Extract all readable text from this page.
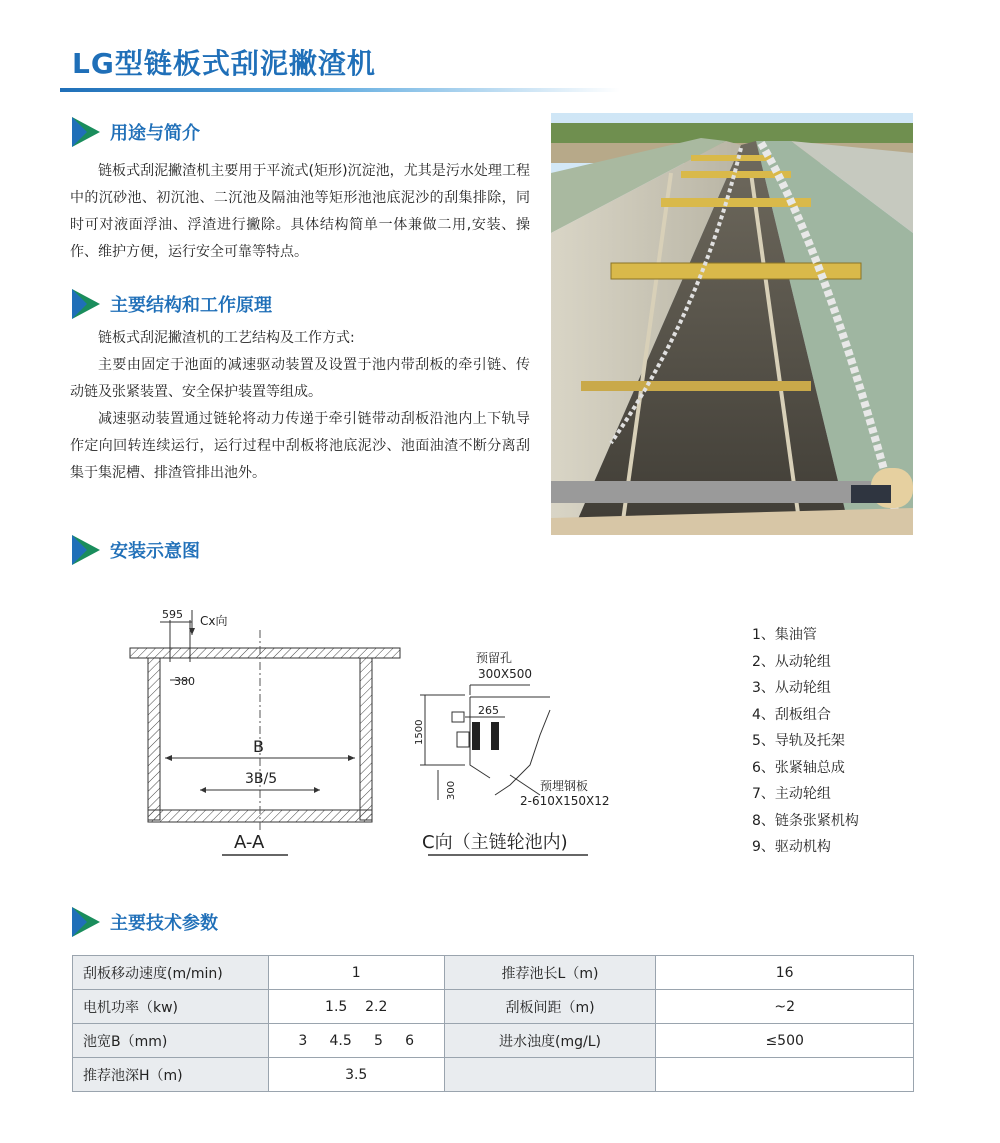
LG型链板式刮泥撇渣机
用途与简介

链板式刮泥撇渣机主要用于平流式(矩形)沉淀池，尤其是污水处理工程中的沉砂池、初沉池、二沉池及隔油池等矩形池池底泥沙的刮集排除，同时可对液面浮油、浮渣进行撇除。具体结构简单一体兼做二用,安装、操作、维护方便，运行安全可靠等特点。

主要结构和工作原理

链板式刮泥撇渣机的工艺结构及工作方式:

主要由固定于池面的减速驱动装置及设置于池内带刮板的牵引链、传动链及张紧装置、安全保护装置等组成。

减速驱动装置通过链轮将动力传递于牵引链带动刮板沿池内上下轨导作定向回转连续运行，运行过程中刮板将池底泥沙、池面油渣不断分离刮集于集泥槽、排渣管排出池外。

安装示意图
595 Cx向
380
B
3B/5
A-A
预留孔
300X500
265
1500
300	预埋钢板
2-610X150X12
C向（主链轮池内)
1、集油管
2、从动轮组
3、从动轮组
4、刮板组合
5、导轨及托架
6、张紧轴总成
7、主动轮组
8、链条张紧机构
9、驱动机构
主要技术参数
刮板移动速度(m/min)	1	推荐池长L（m)	16
电机功率（kw)	1.5    2.2	刮板间距（m)	~2
池宽B（mm)	3     4.5     5     6	进水浊度(mg/L)	≤500
推荐池深H（m)	3.5		
